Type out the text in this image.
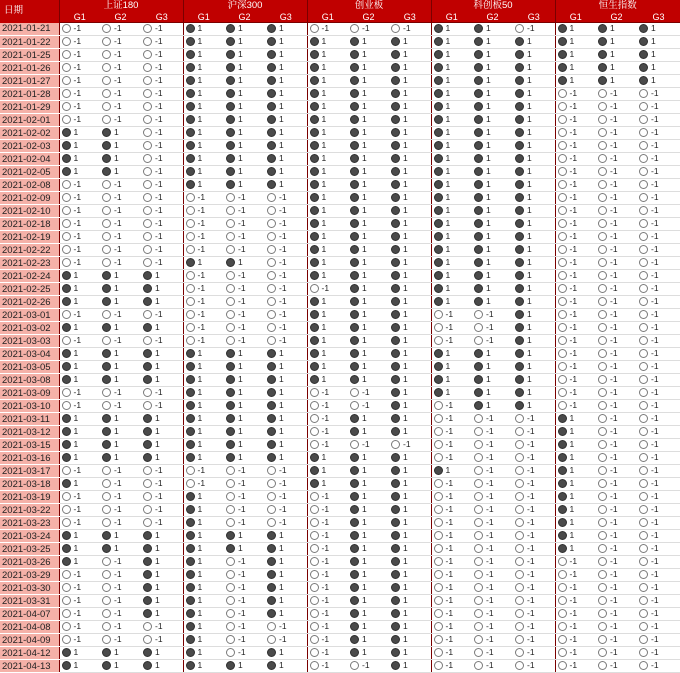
日期	上证180			沪深300			创业板			科创板50			恒生指数		
	G1	G2	G3	G1	G2	G3	G1	G2	G3	G1	G2	G3	G1	G2	G3
2021-01-21	-1	-1	-1	1	1	1	-1	-1	-1	1	1	-1	1	1	1

2021-01-22	-1	-1	-1	1	1	1	1	1	1	1	1	1	1	1	1

2021-01-25	-1	-1	-1	1	1	1	1	1	1	1	1	1	1	1	1

2021-01-26	-1	-1	-1	1	1	1	1	1	1	1	1	1	1	1	1

2021-01-27	-1	-1	-1	1	1	1	1	1	1	1	1	1	1	1	1

2021-01-28	-1	-1	-1	1	1	1	1	1	1	1	1	1	-1	-1	-1

2021-01-29	-1	-1	-1	1	1	1	1	1	1	1	1	1	-1	-1	-1

2021-02-01	-1	-1	-1	1	1	1	1	1	1	1	1	1	-1	-1	-1

2021-02-02	1	1	-1	1	1	1	1	1	1	1	1	1	-1	-1	-1

2021-02-03	1	1	-1	1	1	1	1	1	1	1	1	1	-1	-1	-1

2021-02-04	1	1	-1	1	1	1	1	1	1	1	1	1	-1	-1	-1

2021-02-05	1	1	-1	1	1	1	1	1	1	1	1	1	-1	-1	-1

2021-02-08	-1	-1	-1	1	1	1	1	1	1	1	1	1	-1	-1	-1

2021-02-09	-1	-1	-1	-1	-1	-1	1	1	1	1	1	1	-1	-1	-1

2021-02-10	-1	-1	-1	-1	-1	-1	1	1	1	1	1	1	-1	-1	-1

2021-02-18	-1	-1	-1	-1	-1	-1	1	1	1	1	1	1	-1	-1	-1

2021-02-19	-1	-1	-1	-1	-1	-1	1	1	1	1	1	1	-1	-1	-1

2021-02-22	-1	-1	-1	-1	-1	-1	1	1	1	1	1	1	-1	-1	-1

2021-02-23	-1	-1	-1	1	1	-1	1	1	1	1	1	1	-1	-1	-1

2021-02-24	1	1	1	-1	-1	-1	1	1	1	1	1	1	-1	-1	-1

2021-02-25	1	1	1	-1	-1	-1	-1	1	1	1	1	1	-1	-1	-1

2021-02-26	1	1	1	-1	-1	-1	1	1	1	1	1	1	-1	-1	-1

2021-03-01	-1	-1	-1	-1	-1	-1	1	1	1	-1	-1	1	-1	-1	-1

2021-03-02	1	1	1	-1	-1	-1	1	1	1	-1	-1	1	-1	-1	-1

2021-03-03	-1	-1	-1	-1	-1	-1	1	1	1	-1	-1	1	-1	-1	-1

2021-03-04	1	1	1	1	1	1	1	1	1	1	1	1	-1	-1	-1

2021-03-05	1	1	1	1	1	1	1	1	1	1	1	1	-1	-1	-1

2021-03-08	1	1	1	1	1	1	1	1	1	1	1	1	-1	-1	-1

2021-03-09	-1	-1	-1	1	1	1	-1	-1	1	1	1	1	-1	-1	-1

2021-03-10	-1	-1	-1	1	1	1	-1	-1	1	-1	1	1	-1	-1	-1

2021-03-11	1	1	1	1	1	1	-1	1	1	-1	-1	-1	1	-1	-1

2021-03-12	1	1	1	1	1	1	-1	1	1	-1	-1	-1	1	-1	-1

2021-03-15	1	1	1	1	1	1	-1	-1	-1	-1	-1	-1	1	-1	-1

2021-03-16	1	1	1	1	1	1	1	1	1	-1	-1	-1	1	-1	-1

2021-03-17	-1	-1	-1	-1	-1	-1	1	1	1	1	-1	-1	1	-1	-1

2021-03-18	1	-1	-1	-1	-1	-1	1	1	1	-1	-1	-1	1	-1	-1

2021-03-19	-1	-1	-1	1	-1	-1	-1	1	1	-1	-1	-1	1	-1	-1

2021-03-22	-1	-1	-1	1	-1	-1	-1	1	1	-1	-1	-1	1	-1	-1

2021-03-23	-1	-1	-1	1	-1	-1	-1	1	1	-1	-1	-1	1	-1	-1

2021-03-24	1	1	1	1	1	1	-1	1	1	-1	-1	-1	1	-1	-1

2021-03-25	1	1	1	1	1	1	-1	1	1	-1	-1	-1	1	-1	-1

2021-03-26	1	-1	1	1	-1	1	-1	1	1	-1	-1	-1	-1	-1	-1

2021-03-29	-1	-1	1	1	-1	1	-1	1	1	-1	-1	-1	-1	-1	-1

2021-03-30	-1	-1	1	1	-1	1	-1	1	1	-1	-1	-1	-1	-1	-1

2021-03-31	-1	-1	1	1	-1	1	-1	1	1	-1	-1	-1	-1	-1	-1

2021-04-07	-1	-1	1	1	-1	1	-1	1	1	-1	-1	-1	-1	-1	-1

2021-04-08	-1	-1	-1	1	-1	-1	-1	1	1	-1	-1	-1	-1	-1	-1

2021-04-09	-1	-1	-1	1	-1	-1	-1	1	1	-1	-1	-1	-1	-1	-1

2021-04-12	1	1	1	1	-1	1	-1	1	1	-1	-1	-1	-1	-1	-1

2021-04-13	1	1	1	1	1	1	-1	-1	1	-1	-1	-1	-1	-1	-1
